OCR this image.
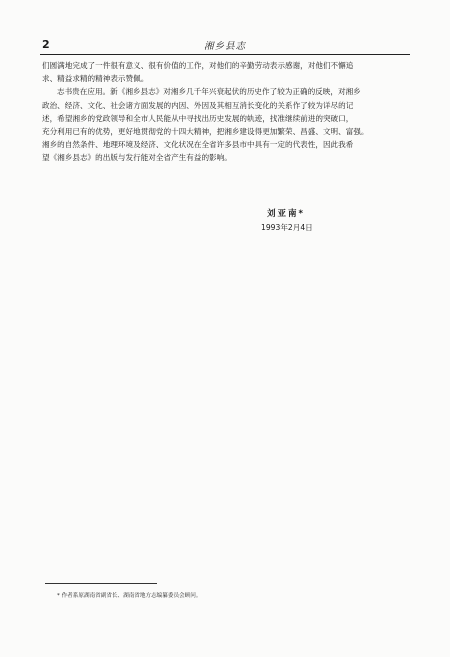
2	湘乡县志
们圆满地完成了一件很有意义、很有价值的工作，对他们的辛勤劳动表示感谢，对他们不懈追
求、精益求精的精神表示赞佩。
志书贵在应用。新《湘乡县志》对湘乡几千年兴衰起伏的历史作了较为正确的反映，对湘乡
政治、经济、文化、社会诸方面发展的内因、外因及其相互消长变化的关系作了较为详尽的记
述，希望湘乡的党政领导和全市人民能从中寻找出历史发展的轨迹，找准继续前进的突破口，
充分利用已有的优势，更好地贯彻党的十四大精神，把湘乡建设得更加繁荣、昌盛、文明、富强。
湘乡的自然条件、地理环境及经济、文化状况在全省许多县市中具有一定的代表性，因此我希
望《湘乡县志》的出版与发行能对全省产生有益的影响。
刘亚南*
1993年2月4日
* 作者系原湖南省副省长、湖南省地方志编纂委员会顾问。
